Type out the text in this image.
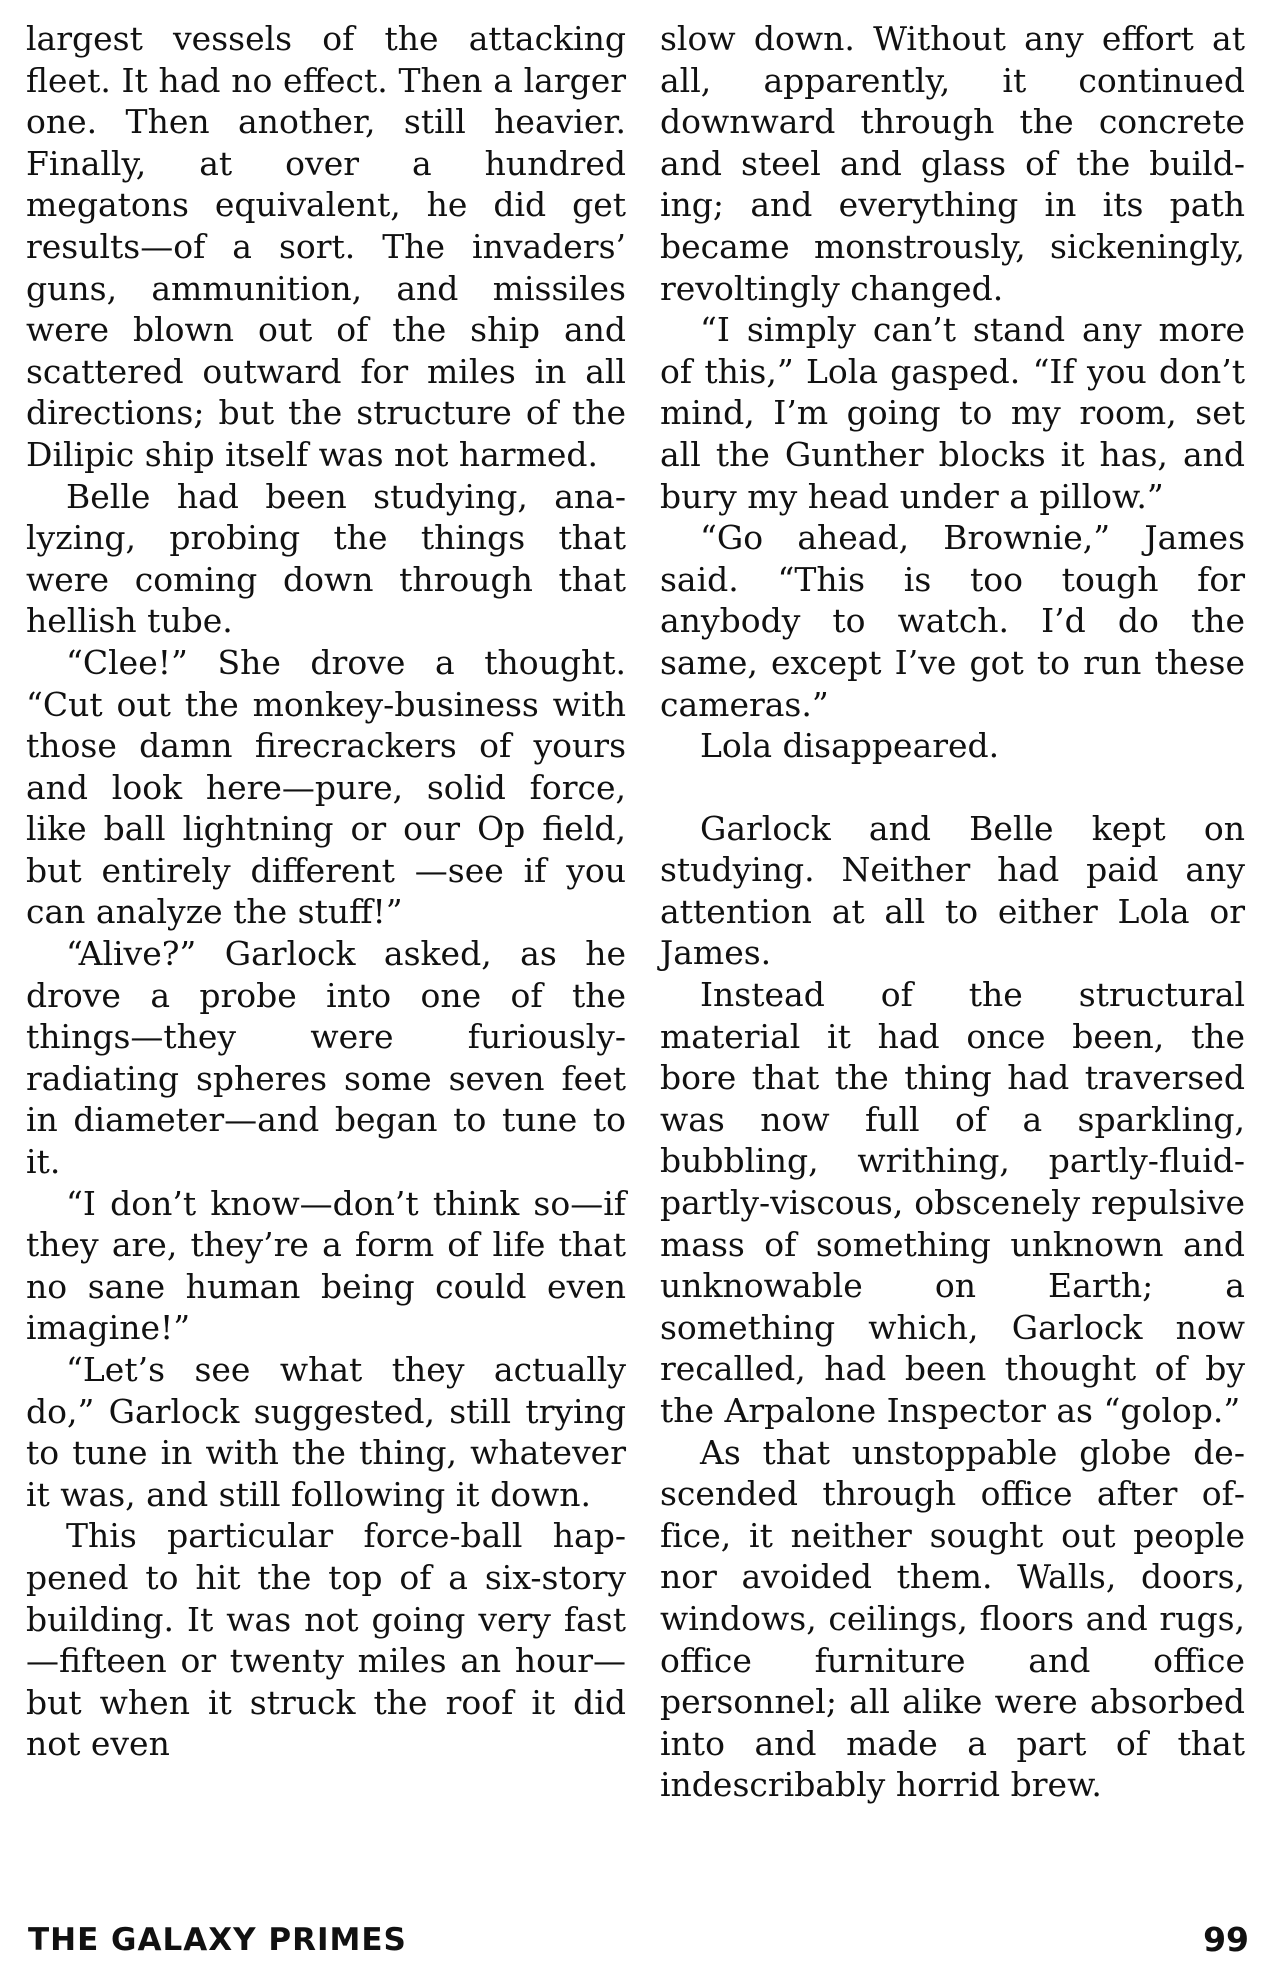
largest vessels of the attacking fleet. It had no effect. Then a larger one. Then another, still heavier. Finally, at over a hundred megatons equivalent, he did get results—of a sort. The invaders’ guns, ammunition, and missiles were blown out of the ship and scattered outward for miles in all directions; but the structure of the Dilipic ship itself was not harmed.

Belle had been studying, analyzing, probing the things that were coming down through that hellish tube.

“Clee!” She drove a thought. “Cut out the monkey-business with those damn firecrackers of yours and look here—pure, solid force, like ball lightning or our Op field, but entirely different —see if you can analyze the stuff!”

“Alive?” Garlock asked, as he drove a probe into one of the things—they were furiously-radiating spheres some seven feet in diameter—and began to tune to it.

“I don’t know—don’t think so—if they are, they’re a form of life that no sane human being could even imagine!”

“Let’s see what they actually do,” Garlock suggested, still trying to tune in with the thing, whatever it was, and still following it down.

This particular force-ball happened to hit the top of a six-story building. It was not going very fast—fifteen or twenty miles an hour—but when it struck the roof it did not even

slow down. Without any effort at all, apparently, it continued downward through the concrete and steel and glass of the building; and everything in its path became monstrously, sickeningly, revoltingly changed.

“I simply can’t stand any more of this,” Lola gasped. “If you don’t mind, I’m going to my room, set all the Gunther blocks it has, and bury my head under a pillow.”

“Go ahead, Brownie,” James said. “This is too tough for anybody to watch. I’d do the same, except I’ve got to run these cameras.”

Lola disappeared.

Garlock and Belle kept on studying. Neither had paid any attention at all to either Lola or James.

Instead of the structural material it had once been, the bore that the thing had traversed was now full of a sparkling, bubbling, writhing, partly-fluid-partly-viscous, obscenely repulsive mass of something unknown and unknowable on Earth; a something which, Garlock now recalled, had been thought of by the Arpalone Inspector as “golop.”

As that unstoppable globe descended through office after office, it neither sought out people nor avoided them. Walls, doors, windows, ceilings, floors and rugs, office furniture and office personnel; all alike were absorbed into and made a part of that indescribably horrid brew.

THE GALAXY PRIMES	99
